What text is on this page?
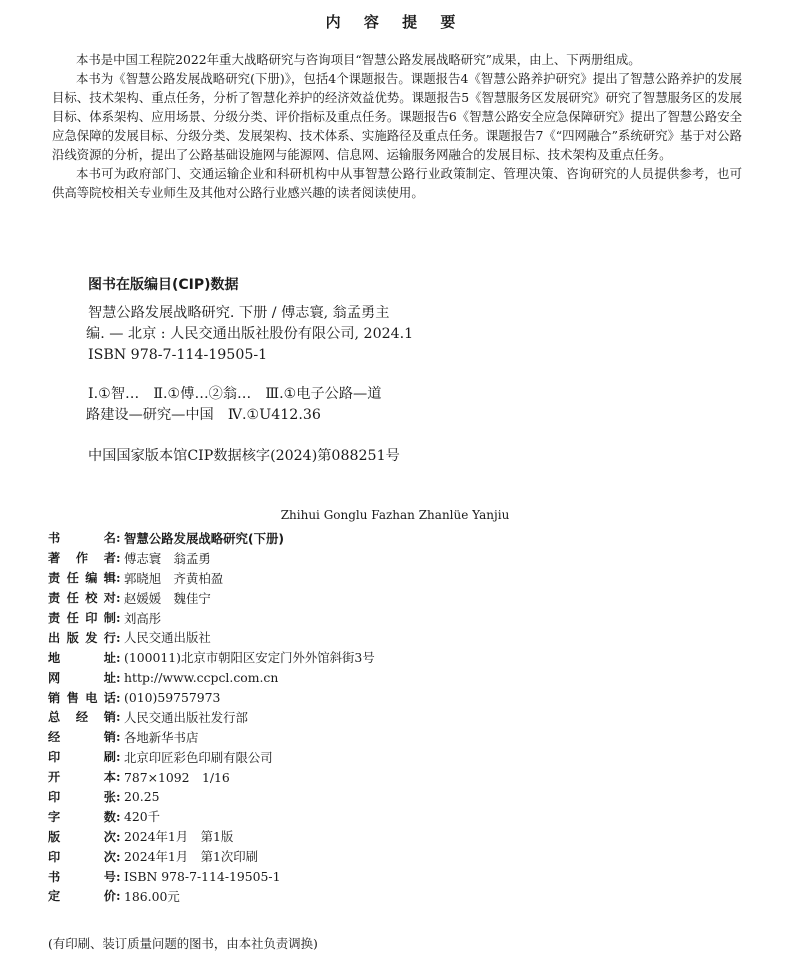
内 容 提 要

本书是中国工程院2022年重大战略研究与咨询项目“智慧公路发展战略研究”成果，由上、下两册组成。

本书为《智慧公路发展战略研究(下册)》，包括4个课题报告。课题报告4《智慧公路养护研究》提出了智慧公路养护的发展目标、技术架构、重点任务，分析了智慧化养护的经济效益优势。课题报告5《智慧服务区发展研究》研究了智慧服务区的发展目标、体系架构、应用场景、分级分类、评价指标及重点任务。课题报告6《智慧公路安全应急保障研究》提出了智慧公路安全应急保障的发展目标、分级分类、发展架构、技术体系、实施路径及重点任务。课题报告7《“四网融合”系统研究》基于对公路沿线资源的分析，提出了公路基础设施网与能源网、信息网、运输服务网融合的发展目标、技术架构及重点任务。

本书可为政府部门、交通运输企业和科研机构中从事智慧公路行业政策制定、管理决策、咨询研究的人员提供参考，也可供高等院校相关专业师生及其他对公路行业感兴趣的读者阅读使用。

图书在版编目(CIP)数据
智慧公路发展战略研究. 下册 / 傅志寰, 翁孟勇主
编. — 北京 : 人民交通出版社股份有限公司, 2024.1
ISBN 978-7-114-19505-1
Ⅰ.①智…　Ⅱ.①傅…②翁…　Ⅲ.①电子公路—道
路建设—研究—中国　Ⅳ.①U412.36
中国国家版本馆CIP数据核字(2024)第088251号
Zhihui Gonglu Fazhan Zhanlüe Yanjiu
书名 : 智慧公路发展战略研究(下册)
著作者 : 傅志寰　翁孟勇
责任编辑 : 郭晓旭　齐黄柏盈
责任校对 : 赵媛媛　魏佳宁
责任印制 : 刘高彤
出版发行 : 人民交通出版社
地址 : (100011)北京市朝阳区安定门外外馆斜街3号
网址 : http://www.ccpcl.com.cn
销售电话 : (010)59757973
总经销 : 人民交通出版社发行部
经销 : 各地新华书店
印刷 : 北京印匠彩色印刷有限公司
开本 : 787×1092　1/16
印张 : 20.25
字数 : 420千
版次 : 2024年1月　第1版
印次 : 2024年1月　第1次印刷
书号 : ISBN 978-7-114-19505-1
定价 : 186.00元
(有印刷、装订质量问题的图书，由本社负责调换)
